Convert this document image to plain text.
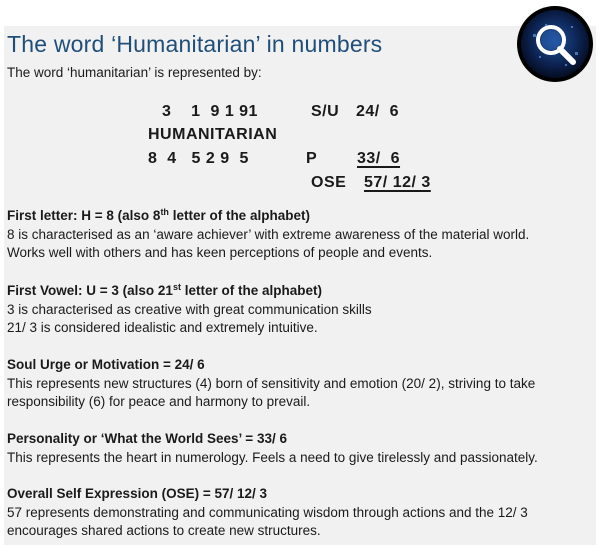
The word ‘Humanitarian’ in numbers
The word ‘humanitarian’ is represented by:
3    1  9 1 91	S/U 24/  6
HUMANITARIAN
8  4   5 2 9  5	P 33/  6
OSE 57/ 12/ 3
First letter: H = 8 (also 8th letter of the alphabet)
8 is characterised as an ‘aware achiever’ with extreme awareness of the material world.
Works well with others and has keen perceptions of people and events.
First Vowel: U = 3 (also 21st letter of the alphabet)
3 is characterised as creative with great communication skills
21/ 3 is considered idealistic and extremely intuitive.
Soul Urge or Motivation = 24/ 6
This represents new structures (4) born of sensitivity and emotion (20/ 2), striving to take
responsibility (6) for peace and harmony to prevail.
Personality or ‘What the World Sees’ = 33/ 6
This represents the heart in numerology. Feels a need to give tirelessly and passionately.
Overall Self Expression (OSE) = 57/ 12/ 3
57 represents demonstrating and communicating wisdom through actions and the 12/ 3
encourages shared actions to create new structures.
